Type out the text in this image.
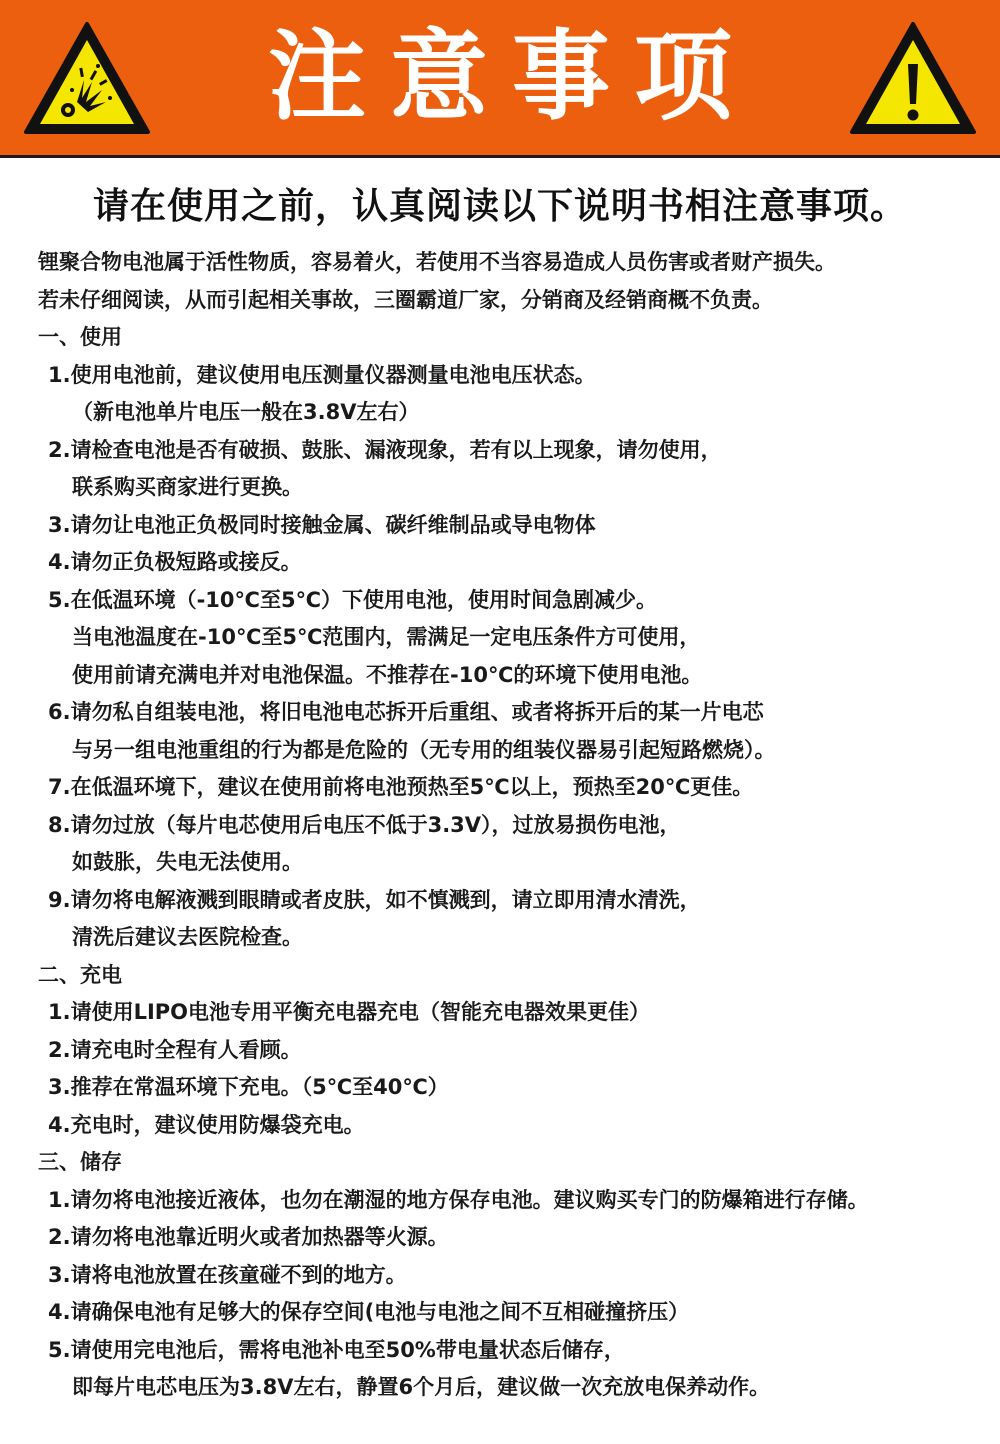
注意事项
请在使用之前，认真阅读以下说明书相注意事项。
锂聚合物电池属于活性物质，容易着火，若使用不当容易造成人员伤害或者财产损失。
若未仔细阅读，从而引起相关事故，三圈霸道厂家，分销商及经销商概不负责。
一、使用
1.使用电池前，建议使用电压测量仪器测量电池电压状态。
（新电池单片电压一般在3.8V左右）
2.请检查电池是否有破损、鼓胀、漏液现象，若有以上现象，请勿使用，
联系购买商家进行更换。
3.请勿让电池正负极同时接触金属、碳纤维制品或导电物体
4.请勿正负极短路或接反。
5.在低温环境（-10℃至5℃）下使用电池，使用时间急剧减少。
当电池温度在-10℃至5℃范围内，需满足一定电压条件方可使用，
使用前请充满电并对电池保温。不推荐在-10℃的环境下使用电池。
6.请勿私自组装电池，将旧电池电芯拆开后重组、或者将拆开后的某一片电芯
与另一组电池重组的行为都是危险的（无专用的组装仪器易引起短路燃烧）。
7.在低温环境下，建议在使用前将电池预热至5℃以上，预热至20℃更佳。
8.请勿过放（每片电芯使用后电压不低于3.3V），过放易损伤电池，
如鼓胀，失电无法使用。
9.请勿将电解液溅到眼睛或者皮肤，如不慎溅到，请立即用清水清洗，
清洗后建议去医院检查。
二、充电
1.请使用LIPO电池专用平衡充电器充电（智能充电器效果更佳）
2.请充电时全程有人看顾。
3.推荐在常温环境下充电。（5℃至40℃）
4.充电时，建议使用防爆袋充电。
三、储存
1.请勿将电池接近液体，也勿在潮湿的地方保存电池。建议购买专门的防爆箱进行存储。
2.请勿将电池靠近明火或者加热器等火源。
3.请将电池放置在孩童碰不到的地方。
4.请确保电池有足够大的保存空间(电池与电池之间不互相碰撞挤压）
5.请使用完电池后，需将电池补电至50%带电量状态后储存，
即每片电芯电压为3.8V左右，静置6个月后，建议做一次充放电保养动作。
